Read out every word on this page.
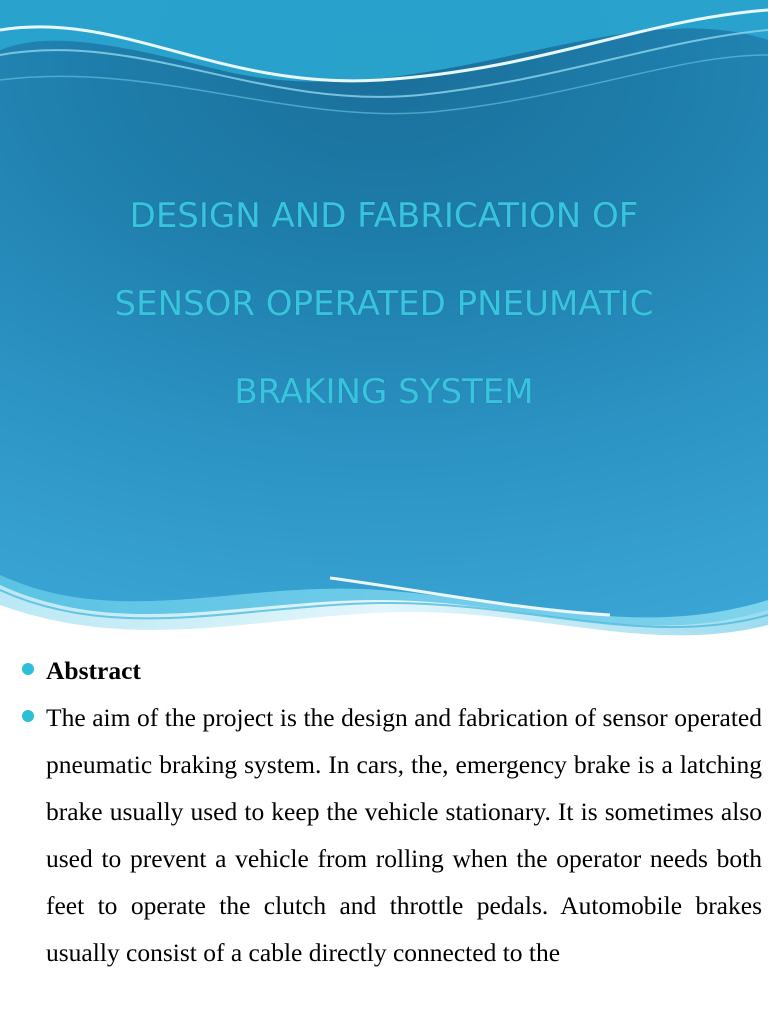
DESIGN AND FABRICATION OF
SENSOR OPERATED PNEUMATIC
BRAKING SYSTEM
Abstract
The aim of the project is the design and fabrication of sensor operated pneumatic braking system. In cars, the, emergency brake is a latching brake usually used to keep the vehicle stationary. It is sometimes also used to prevent a vehicle from rolling when the operator needs both feet to operate the clutch and throttle pedals. Automobile brakes usually consist of a cable directly connected to the
